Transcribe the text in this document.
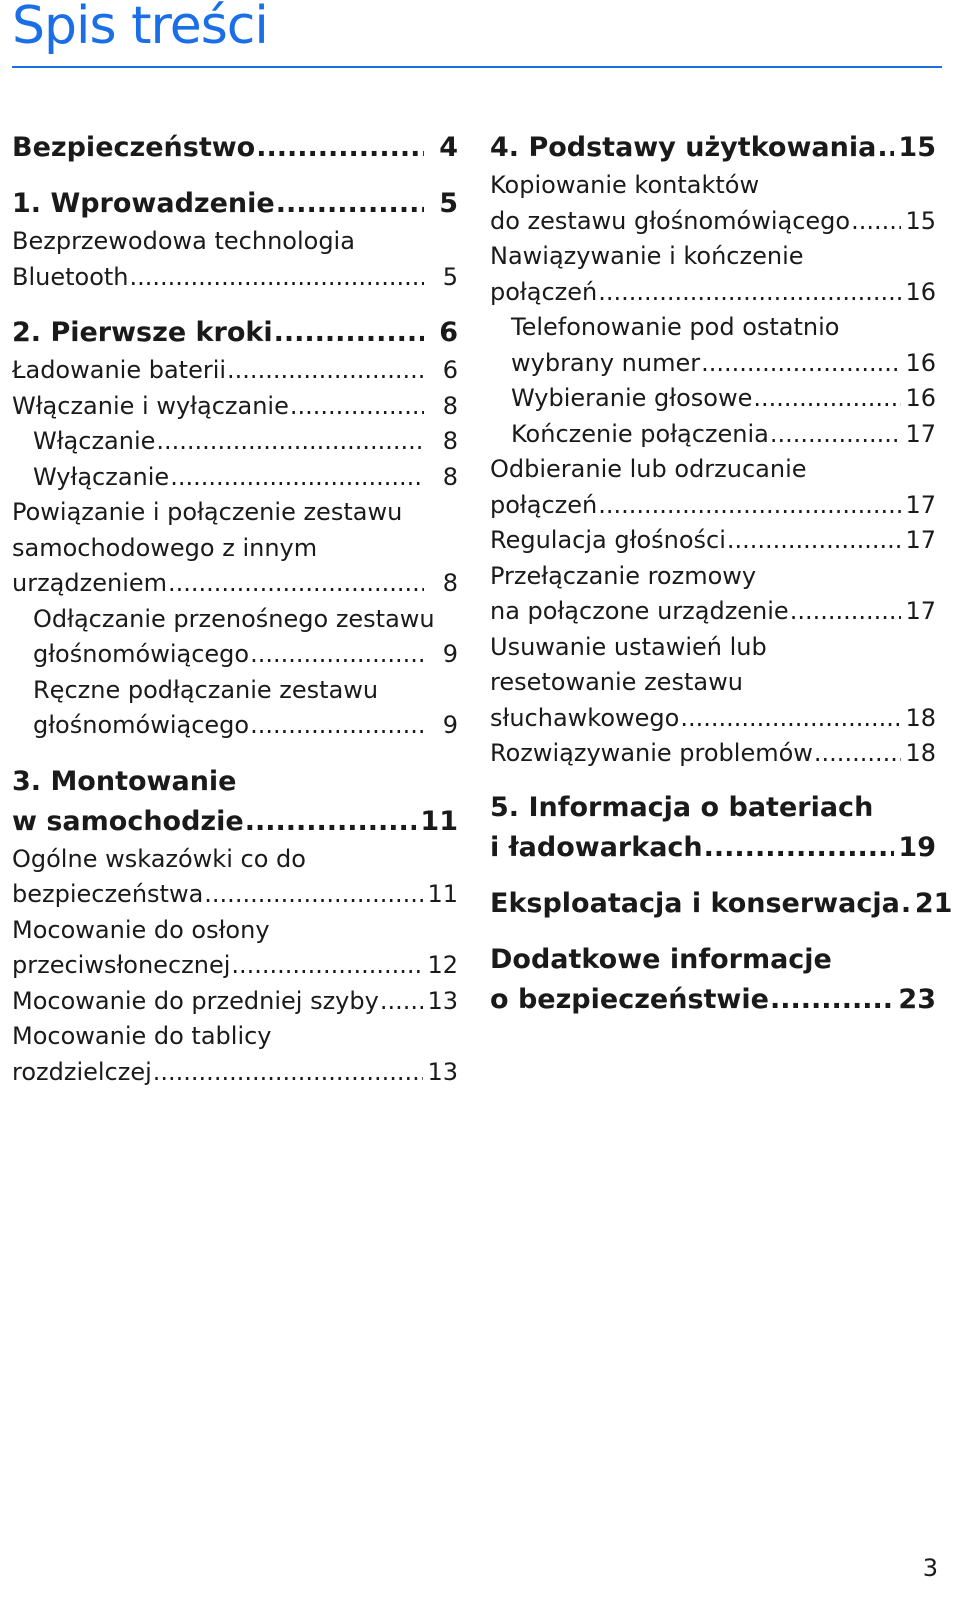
Spis treści
Bezpieczeństwo .....	4
1. Wprowadzenie .....	5
Bezprzewodowa technologia
Bluetooth .....	5
2. Pierwsze kroki .....	6
Ładowanie baterii .....	6
Włączanie i wyłączanie .....	8
Włączanie .....	8
Wyłączanie .....	8
Powiązanie i połączenie zestawu
samochodowego z innym
urządzeniem .....	8
Odłączanie przenośnego zestawu
głośnomówiącego .....	9
Ręczne podłączanie zestawu
głośnomówiącego .....	9
3. Montowanie
w samochodzie .....	11
Ogólne wskazówki co do
bezpieczeństwa .....	11
Mocowanie do osłony
przeciwsłonecznej .....	12
Mocowanie do przedniej szyby ..... 13
Mocowanie do tablicy
rozdzielczej .....	13
4. Podstawy użytkowania ..... 15
Kopiowanie kontaktów
do zestawu głośnomówiącego ..... 15
Nawiązywanie i kończenie
połączeń .....	16
Telefonowanie pod ostatnio
wybrany numer .....	16
Wybieranie głosowe .....	16
Kończenie połączenia .....	17
Odbieranie lub odrzucanie
połączeń .....	17
Regulacja głośności .....	17
Przełączanie rozmowy
na połączone urządzenie .....	17
Usuwanie ustawień lub
resetowanie zestawu
słuchawkowego .....	18
Rozwiązywanie problemów .....	18
5. Informacja o bateriach
i ładowarkach .....	19
Eksploatacja i konserwacja ..... 21
Dodatkowe informacje
o bezpieczeństwie .....	23
3
